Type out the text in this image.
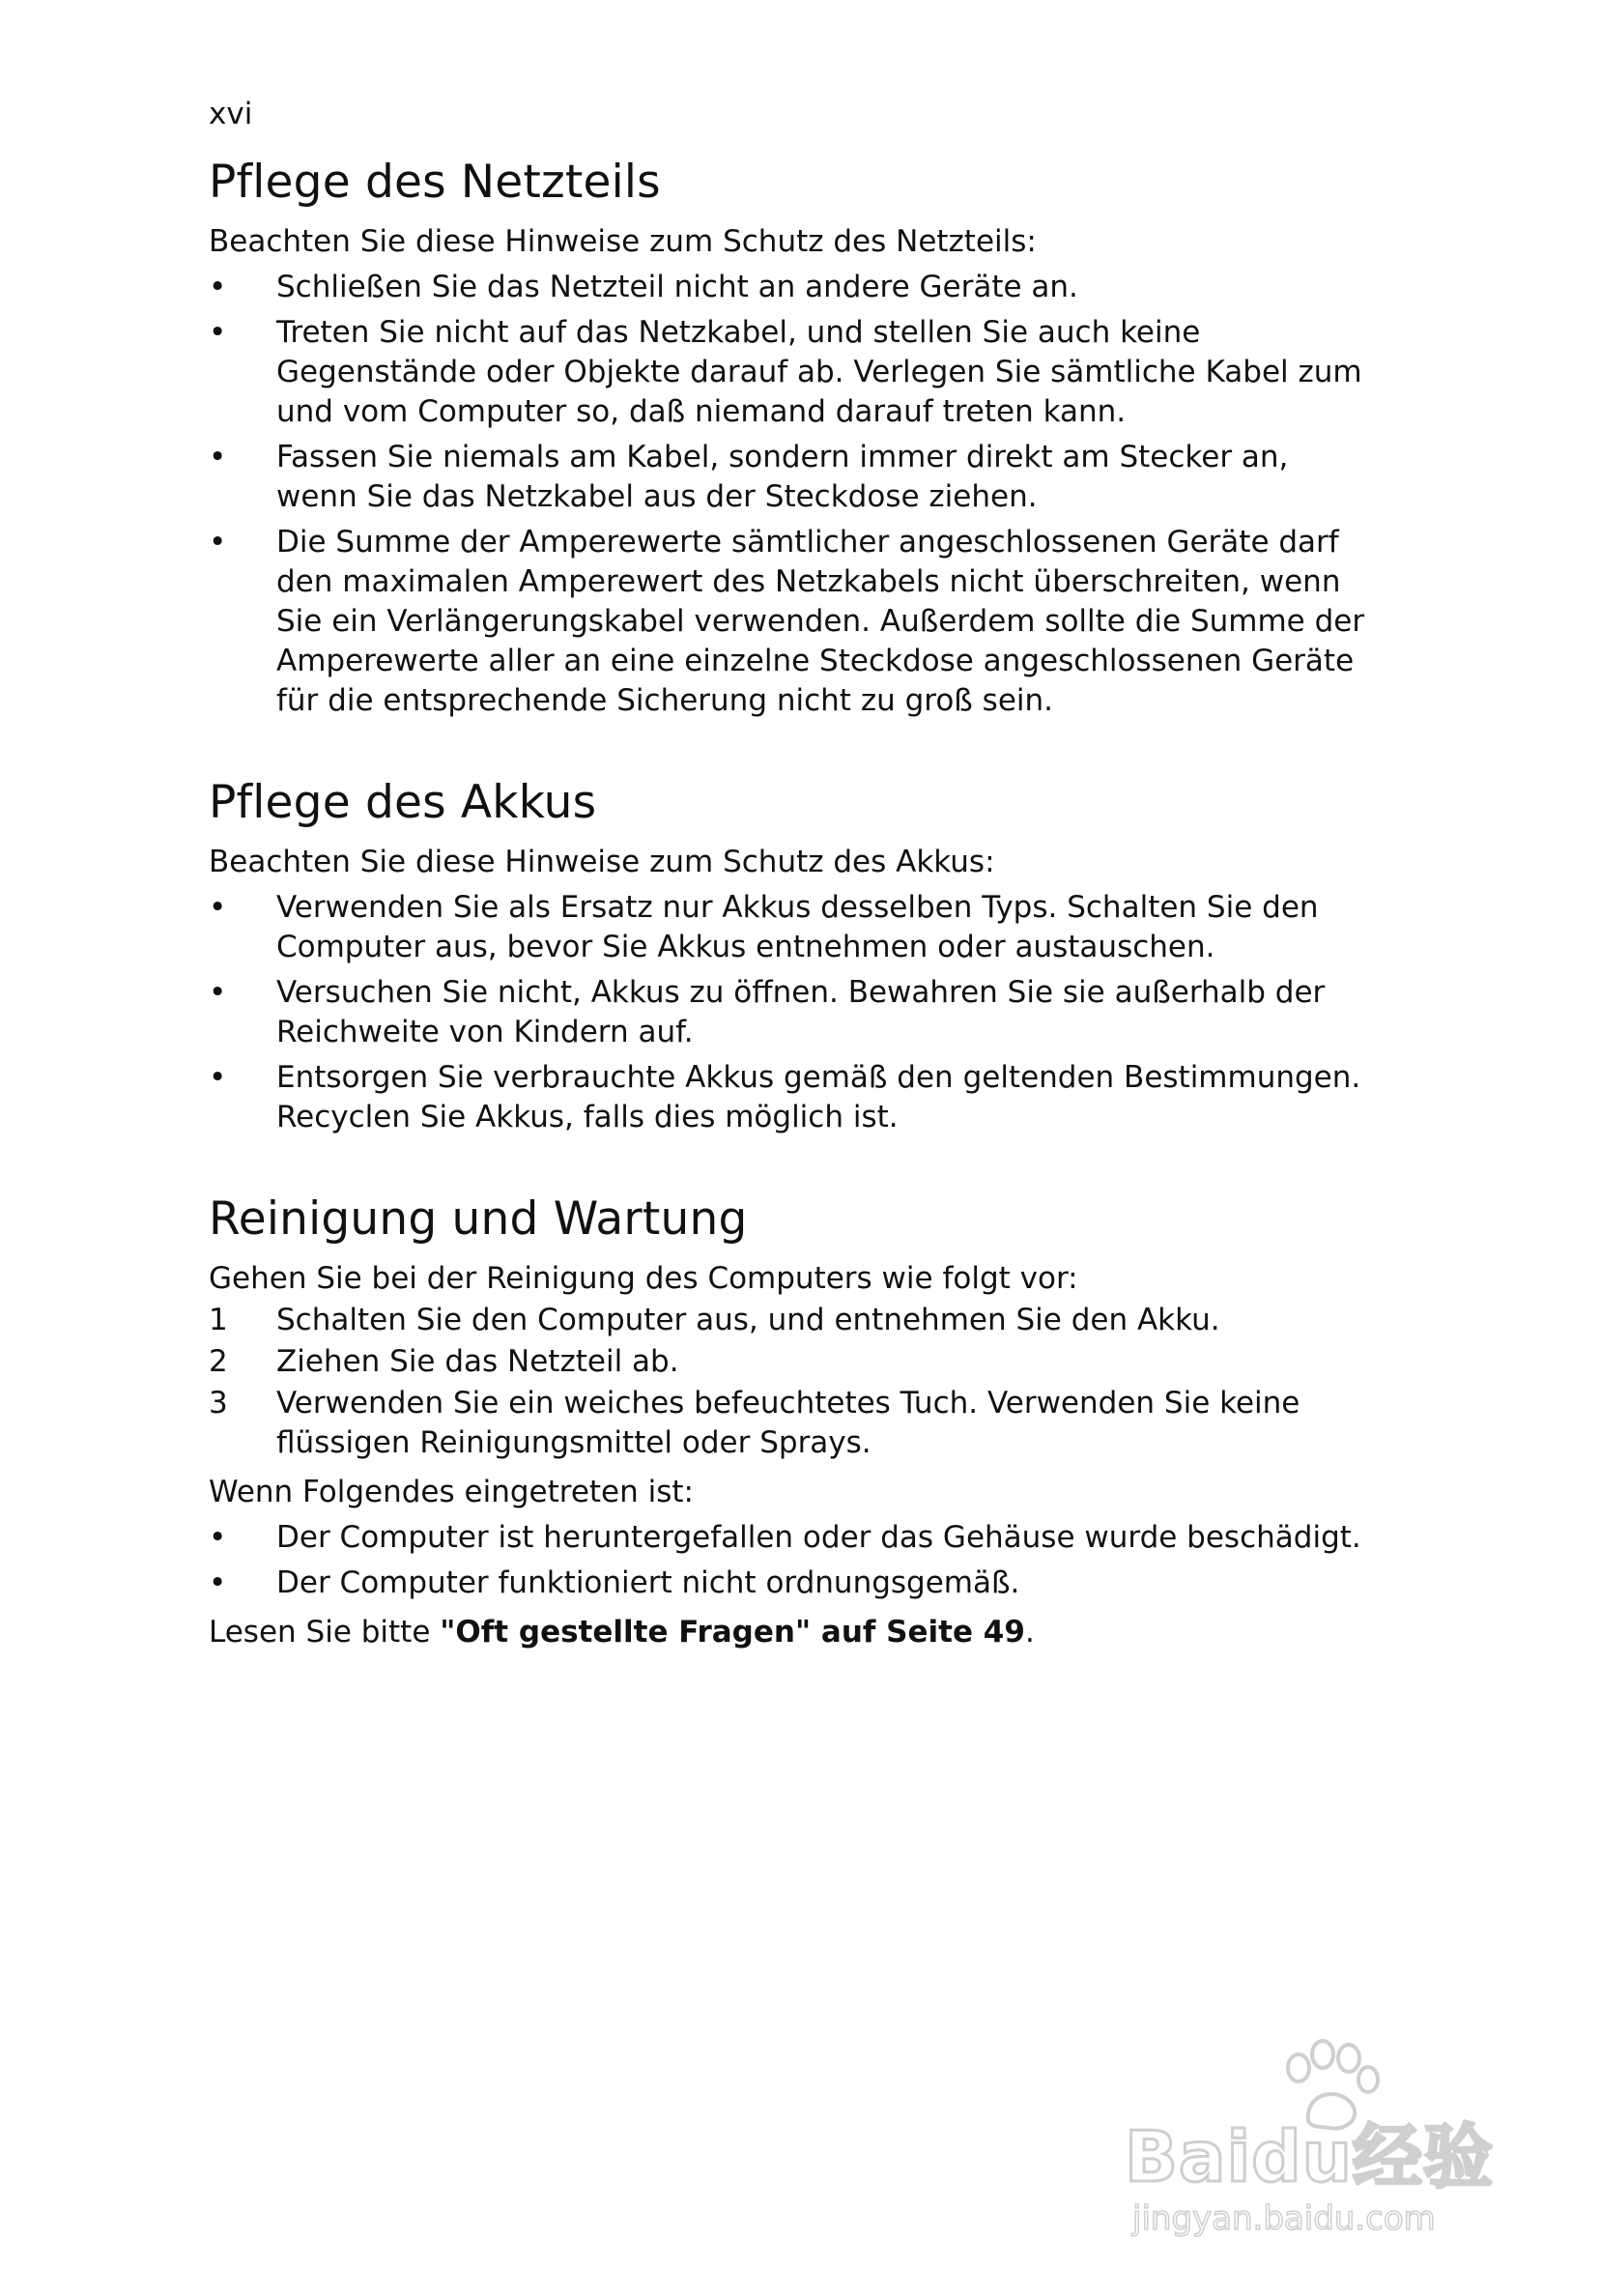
xvi
Pflege des Netzteils

Beachten Sie diese Hinweise zum Schutz des Netzteils:

•	Schließen Sie das Netzteil nicht an andere Geräte an.
•	Treten Sie nicht auf das Netzkabel, und stellen Sie auch keine Gegenstände oder Objekte darauf ab. Verlegen Sie sämtliche Kabel zum und vom Computer so, daß niemand darauf treten kann.
•	Fassen Sie niemals am Kabel, sondern immer direkt am Stecker an, wenn Sie das Netzkabel aus der Steckdose ziehen.
•	Die Summe der Amperewerte sämtlicher angeschlossenen Geräte darf den maximalen Amperewert des Netzkabels nicht überschreiten, wenn Sie ein Verlängerungskabel verwenden. Außerdem sollte die Summe der Amperewerte aller an eine einzelne Steckdose angeschlossenen Geräte für die entsprechende Sicherung nicht zu groß sein.
Pflege des Akkus

Beachten Sie diese Hinweise zum Schutz des Akkus:

•	Verwenden Sie als Ersatz nur Akkus desselben Typs. Schalten Sie den Computer aus, bevor Sie Akkus entnehmen oder austauschen.
•	Versuchen Sie nicht, Akkus zu öffnen. Bewahren Sie sie außerhalb der Reichweite von Kindern auf.
•	Entsorgen Sie verbrauchte Akkus gemäß den geltenden Bestimmungen. Recyclen Sie Akkus, falls dies möglich ist.
Reinigung und Wartung

Gehen Sie bei der Reinigung des Computers wie folgt vor:

1	Schalten Sie den Computer aus, und entnehmen Sie den Akku.
2	Ziehen Sie das Netzteil ab.
3	Verwenden Sie ein weiches befeuchtetes Tuch. Verwenden Sie keine flüssigen Reinigungsmittel oder Sprays.

Wenn Folgendes eingetreten ist:

•	Der Computer ist heruntergefallen oder das Gehäuse wurde beschädigt.
•	Der Computer funktioniert nicht ordnungsgemäß.

Lesen Sie bitte "Oft gestellte Fragen" auf Seite 49.

Baidu经验
jingyan.baidu.com
